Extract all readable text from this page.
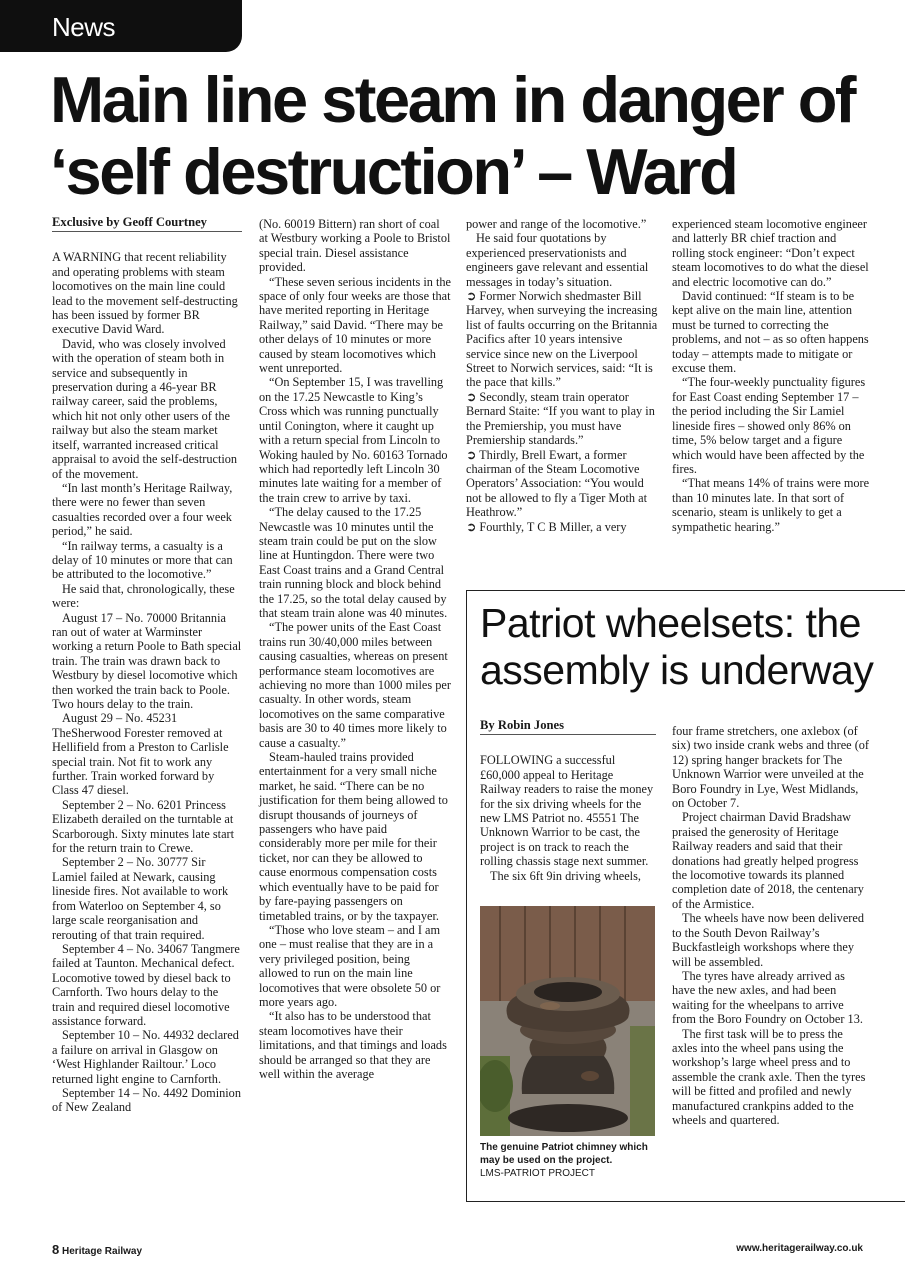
News
Main line steam in danger of ‘self destruction’ – Ward
Exclusive by Geoff Courtney

A WARNING that recent reliability and operating problems with steam locomotives on the main line could lead to the movement self-destructing has been issued by former BR executive David Ward.

David, who was closely involved with the operation of steam both in service and subsequently in preservation during a 46-year BR railway career, said the problems, which hit not only other users of the railway but also the steam market itself, warranted increased critical appraisal to avoid the self-destruction of the movement.

“In last month’s Heritage Railway, there were no fewer than seven casualties recorded over a four week period,” he said.

“In railway terms, a casualty is a delay of 10 minutes or more that can be attributed to the locomotive.”

He said that, chronologically, these were:

August 17 – No. 70000 Britannia ran out of water at Warminster working a return Poole to Bath special train. The train was drawn back to Westbury by diesel locomotive which then worked the train back to Poole. Two hours delay to the train.

August 29 – No. 45231 TheSherwood Forester removed at Hellifield from a Preston to Carlisle special train. Not fit to work any further. Train worked forward by Class 47 diesel.

September 2 – No. 6201 Princess Elizabeth derailed on the turntable at Scarborough. Sixty minutes late start for the return train to Crewe.

September 2 – No. 30777 Sir Lamiel failed at Newark, causing lineside fires. Not available to work from Waterloo on September 4, so large scale reorganisation and rerouting of that train required.

September 4 – No. 34067 Tangmere failed at Taunton. Mechanical defect. Locomotive towed by diesel back to Carnforth. Two hours delay to the train and required diesel locomotive assistance forward.

September 10 – No. 44932 declared a failure on arrival in Glasgow on ‘West Highlander Railtour.’ Loco returned light engine to Carnforth.

September 14 – No. 4492 Dominion of New Zealand

(No. 60019 Bittern) ran short of coal at Westbury working a Poole to Bristol special train. Diesel assistance provided.

“These seven serious incidents in the space of only four weeks are those that have merited reporting in Heritage Railway,” said David. “There may be other delays of 10 minutes or more caused by steam locomotives which went unreported.

“On September 15, I was travelling on the 17.25 Newcastle to King’s Cross which was running punctually until Conington, where it caught up with a return special from Lincoln to Woking hauled by No. 60163 Tornado which had reportedly left Lincoln 30 minutes late waiting for a member of the train crew to arrive by taxi.

“The delay caused to the 17.25 Newcastle was 10 minutes until the steam train could be put on the slow line at Huntingdon. There were two East Coast trains and a Grand Central train running block and block behind the 17.25, so the total delay caused by that steam train alone was 40 minutes.

“The power units of the East Coast trains run 30/40,000 miles between causing casualties, whereas on present performance steam locomotives are achieving no more than 1000 miles per casualty. In other words, steam locomotives on the same comparative basis are 30 to 40 times more likely to cause a casualty.”

Steam-hauled trains provided entertainment for a very small niche market, he said. “There can be no justification for them being allowed to disrupt thousands of journeys of passengers who have paid considerably more per mile for their ticket, nor can they be allowed to cause enormous compensation costs which eventually have to be paid for by fare-paying passengers on timetabled trains, or by the taxpayer.

“Those who love steam – and I am one – must realise that they are in a very privileged position, being allowed to run on the main line locomotives that were obsolete 50 or more years ago.

“It also has to be understood that steam locomotives have their limitations, and that timings and loads should be arranged so that they are well within the average

power and range of the locomotive.”

He said four quotations by experienced preservationists and engineers gave relevant and essential messages in today’s situation.

➲ Former Norwich shedmaster Bill Harvey, when surveying the increasing list of faults occurring on the Britannia Pacifics after 10 years intensive service since new on the Liverpool Street to Norwich services, said: “It is the pace that kills.”

➲ Secondly, steam train operator Bernard Staite: “If you want to play in the Premiership, you must have Premiership standards.”

➲ Thirdly, Brell Ewart, a former chairman of the Steam Locomotive Operators’ Association: “You would not be allowed to fly a Tiger Moth at Heathrow.”

➲ Fourthly, T C B Miller, a very

experienced steam locomotive engineer and latterly BR chief traction and rolling stock engineer: “Don’t expect steam locomotives to do what the diesel and electric locomotive can do.”

David continued: “If steam is to be kept alive on the main line, attention must be turned to correcting the problems, and not – as so often happens today – attempts made to mitigate or excuse them.

“The four-weekly punctuality figures for East Coast ending September 17 – the period including the Sir Lamiel lineside fires – showed only 86% on time, 5% below target and a figure which would have been affected by the fires.

“That means 14% of trains were more than 10 minutes late. In that sort of scenario, steam is unlikely to get a sympathetic hearing.”

Patriot wheelsets: the assembly is underway
By Robin Jones

FOLLOWING a successful £60,000 appeal to Heritage Railway readers to raise the money for the six driving wheels for the new LMS Patriot no. 45551 The Unknown Warrior to be cast, the project is on track to reach the rolling chassis stage next summer.

The six 6ft 9in driving wheels,

four frame stretchers, one axlebox (of six) two inside crank webs and three (of 12) spring hanger brackets for The Unknown Warrior were unveiled at the Boro Foundry in Lye, West Midlands, on October 7.

Project chairman David Bradshaw praised the generosity of Heritage Railway readers and said that their donations had greatly helped progress the locomotive towards its planned completion date of 2018, the centenary of the Armistice.

The wheels have now been delivered to the South Devon Railway’s Buckfastleigh workshops where they will be assembled.

The tyres have already arrived as have the new axles, and had been waiting for the wheelpans to arrive from the Boro Foundry on October 13.

The first task will be to press the axles into the wheel pans using the workshop’s large wheel press and to assemble the crank axle. Then the tyres will be fitted and profiled and newly manufactured crankpins added to the wheels and quartered.

The genuine Patriot chimney which may be used on the project.
LMS-PATRIOT PROJECT
8 Heritage Railway	www.heritagerailway.co.uk
